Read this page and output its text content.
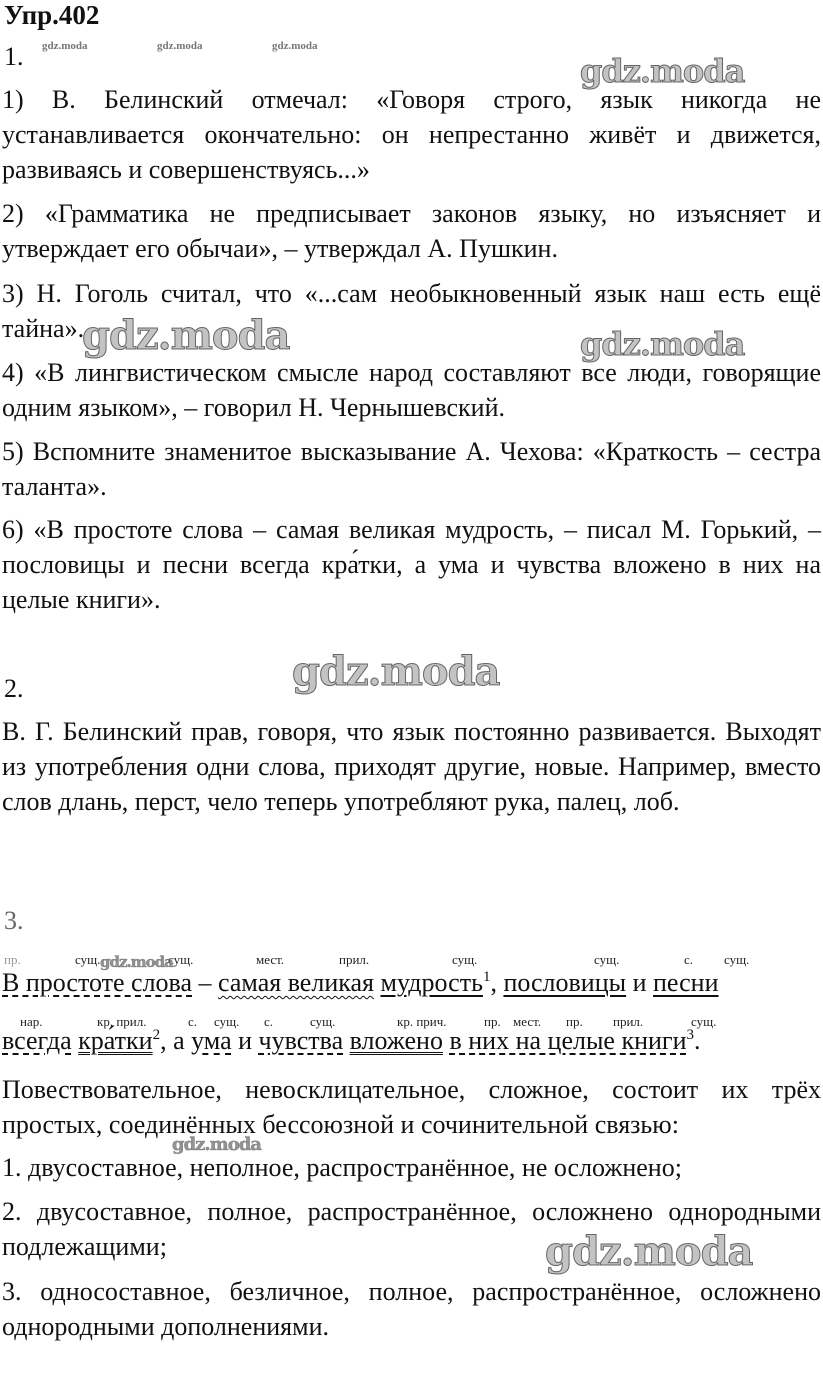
Упр.402
gdz.moda	gdz.moda	gdz.moda
1.

1) В. Белинский отмечал: «Говоря строго, язык никогда не устанавливается окончательно: он непрестанно живёт и движется, развиваясь и совершенствуясь...»

2) «Грамматика не предписывает законов языку, но изъясняет и утверждает его обычаи», – утверждал А. Пушкин.

3) Н. Гоголь считал, что «...сам необыкновенный язык наш есть ещё тайна».

4) «В лингвистическом смысле народ составляют все люди, говорящие одним языком», – говорил Н. Чернышевский.

5) Вспомните знаменитое высказывание А. Чехова: «Краткость – сестра таланта».

6) «В простоте слова – самая великая мудрость, – писал М. Горький, – пословицы и песни всегда кра́тки, а ума и чувства вложено в них на целые книги».

gdz.moda
gdz.moda	gdz.moda
gdz.moda
2.

В. Г. Белинский прав, говоря, что язык постоянно развивается. Выходят из употребления одни слова, приходят другие, новые. Например, вместо слов длань, перст, чело теперь употребляют рука, палец, лоб.

3.
пр.	сущ.	сущ.	мест.	прил.	сущ.	сущ.	с. сущ.
gdz.moda
В простоте слова – самая великая мудрость$^1$, пословицы и песни
нар.	кр. прил.	с. сущ. с.	сущ.	кр. прич.	пр. мест. пр. прил.	сущ.
всегда кра́тки$^2$, а ума и чувства вложено в них на целые книги$^3$.

Повествовательное, невосклицательное, сложное, состоит их трёх простых, соединённых бессоюзной и сочинительной связью:

gdz.moda

1. двусоставное, неполное, распространённое, не осложнено;

2. двусоставное, полное, распространённое, осложнено однородными подлежащими;	gdz.moda

3. односоставное, безличное, полное, распространённое, осложнено однородными дополнениями.
